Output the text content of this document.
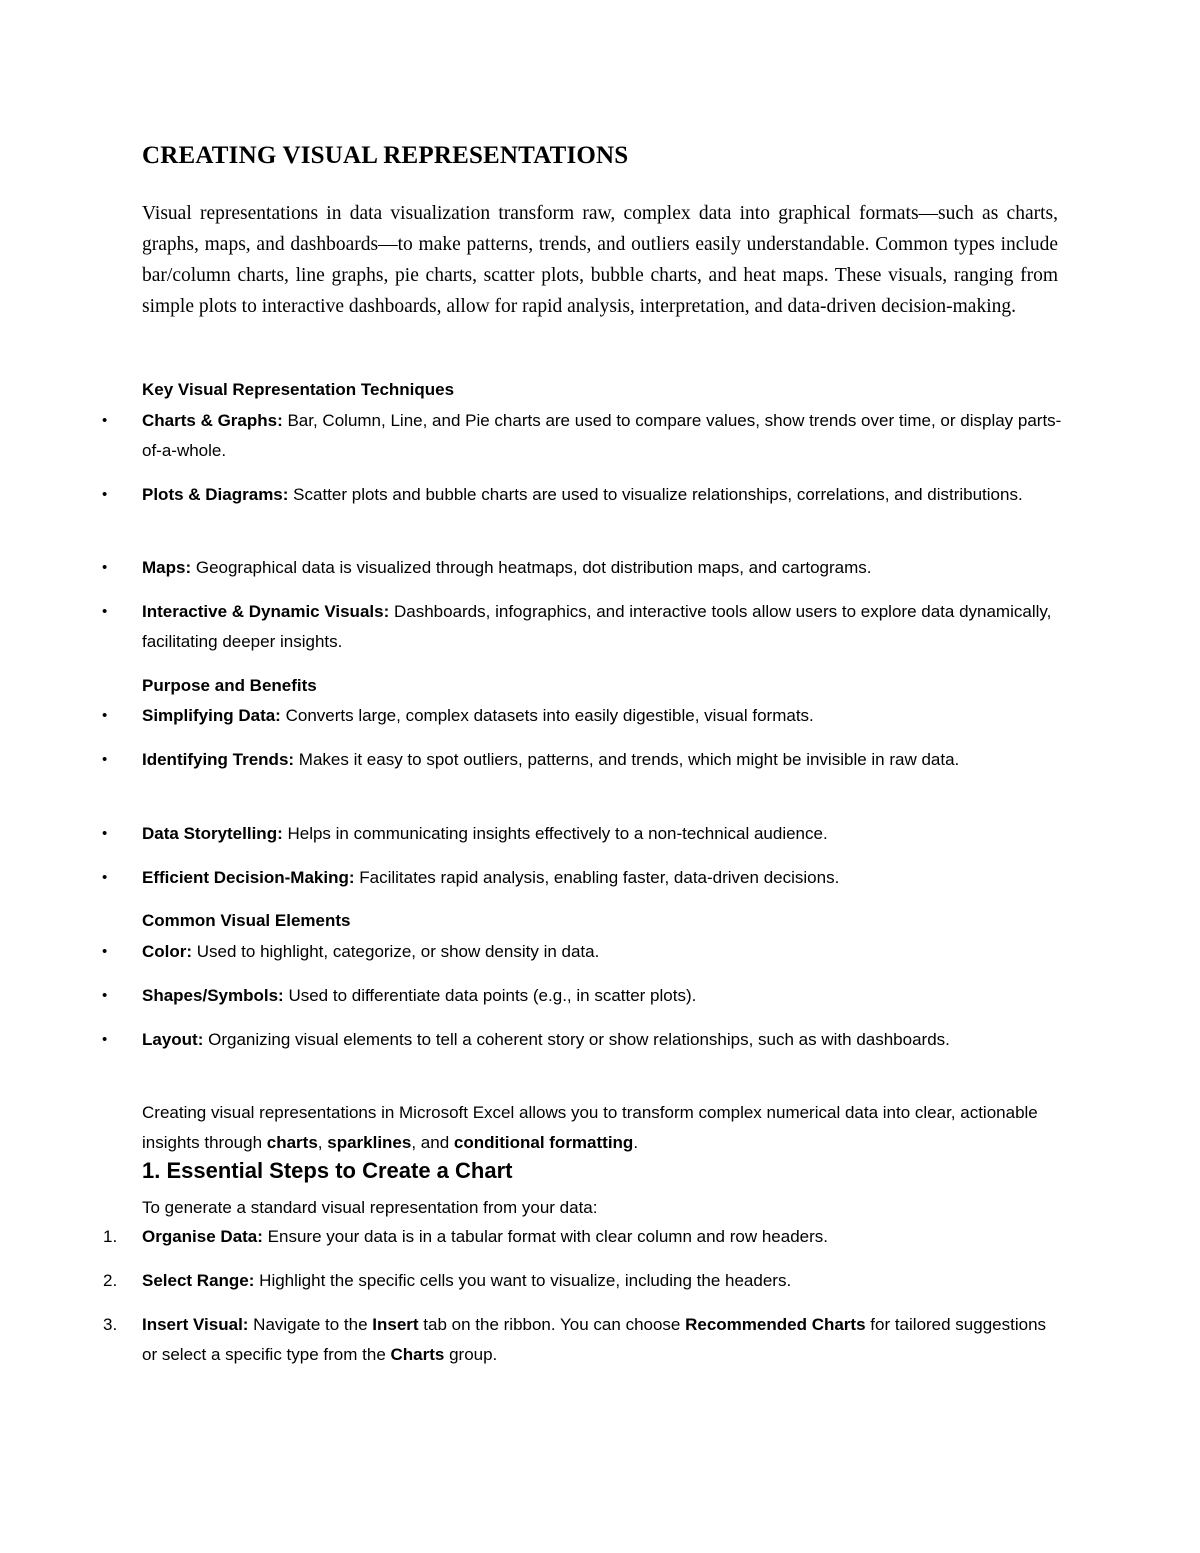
CREATING VISUAL REPRESENTATIONS

Visual representations in data visualization transform raw, complex data into graphical formats—such as charts, graphs, maps, and dashboards—to make patterns, trends, and outliers easily understandable. Common types include bar/column charts, line graphs, pie charts, scatter plots, bubble charts, and heat maps. These visuals, ranging from simple plots to interactive dashboards, allow for rapid analysis, interpretation, and data-driven decision-making.

Key Visual Representation Techniques
• Charts & Graphs: Bar, Column, Line, and Pie charts are used to compare values, show trends over time, or display parts-of-a-whole.
• Plots & Diagrams: Scatter plots and bubble charts are used to visualize relationships, correlations, and distributions.
• Maps: Geographical data is visualized through heatmaps, dot distribution maps, and cartograms.
• Interactive & Dynamic Visuals: Dashboards, infographics, and interactive tools allow users to explore data dynamically, facilitating deeper insights.
Purpose and Benefits
• Simplifying Data: Converts large, complex datasets into easily digestible, visual formats.
• Identifying Trends: Makes it easy to spot outliers, patterns, and trends, which might be invisible in raw data.
• Data Storytelling: Helps in communicating insights effectively to a non-technical audience.
• Efficient Decision-Making: Facilitates rapid analysis, enabling faster, data-driven decisions.
Common Visual Elements
• Color: Used to highlight, categorize, or show density in data.
• Shapes/Symbols: Used to differentiate data points (e.g., in scatter plots).
• Layout: Organizing visual elements to tell a coherent story or show relationships, such as with dashboards.

Creating visual representations in Microsoft Excel allows you to transform complex numerical data into clear, actionable insights through charts, sparklines, and conditional formatting.

1. Essential Steps to Create a Chart

To generate a standard visual representation from your data:

1.	Organise Data: Ensure your data is in a tabular format with clear column and row headers.
2.	Select Range: Highlight the specific cells you want to visualize, including the headers.
3.	Insert Visual: Navigate to the Insert tab on the ribbon. You can choose Recommended Charts for tailored suggestions or select a specific type from the Charts group.
